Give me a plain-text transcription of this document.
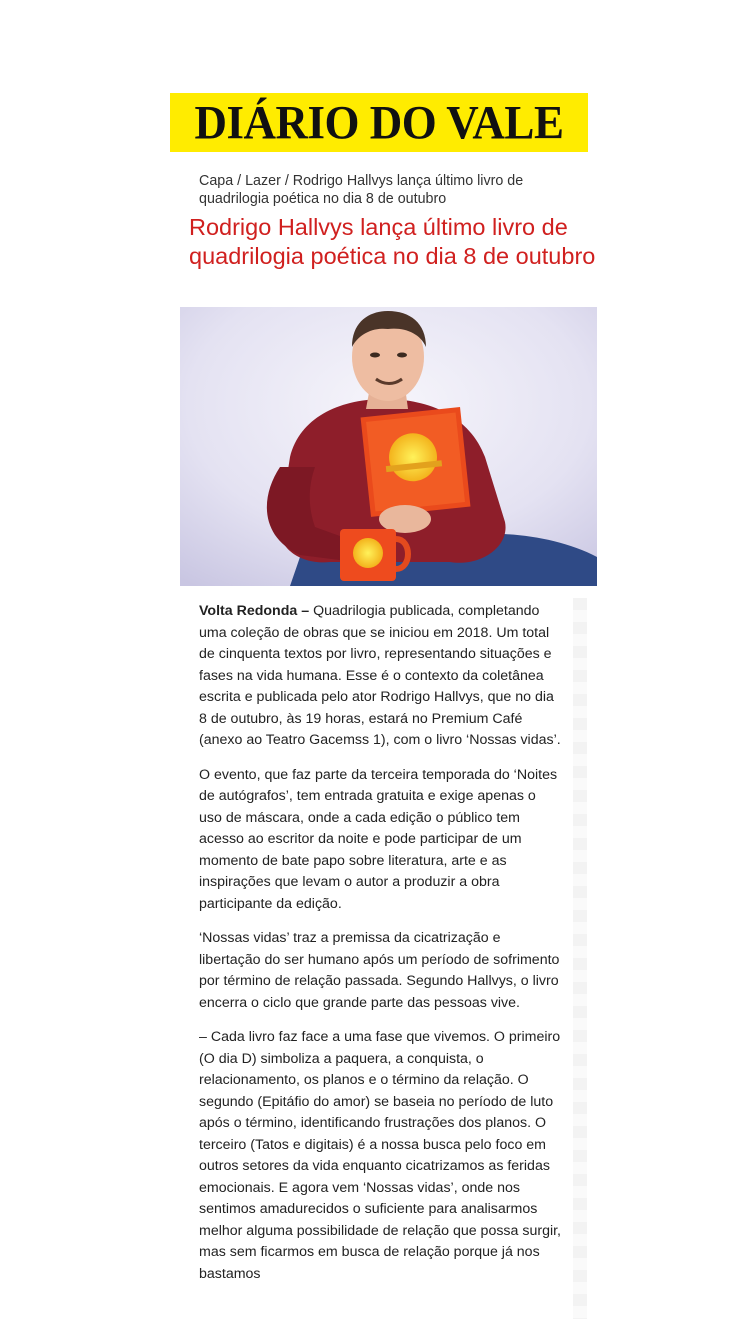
DIÁRIO DO VALE
Capa / Lazer / Rodrigo Hallvys lança último livro de quadrilogia poética no dia 8 de outubro
Rodrigo Hallvys lança último livro de quadrilogia poética no dia 8 de outubro

Volta Redonda – Quadrilogia publicada, completando uma coleção de obras que se iniciou em 2018. Um total de cinquenta textos por livro, representando situações e fases na vida humana. Esse é o contexto da coletânea escrita e publicada pelo ator Rodrigo Hallvys, que no dia 8 de outubro, às 19 horas, estará no Premium Café (anexo ao Teatro Gacemss 1), com o livro ‘Nossas vidas’.

O evento, que faz parte da terceira temporada do ‘Noites de autógrafos’, tem entrada gratuita e exige apenas o uso de máscara, onde a cada edição o público tem acesso ao escritor da noite e pode participar de um momento de bate papo sobre literatura, arte e as inspirações que levam o autor a produzir a obra participante da edição.

‘Nossas vidas’ traz a premissa da cicatrização e libertação do ser humano após um período de sofrimento por término de relação passada. Segundo Hallvys, o livro encerra o ciclo que grande parte das pessoas vive.

– Cada livro faz face a uma fase que vivemos. O primeiro (O dia D) simboliza a paquera, a conquista, o relacionamento, os planos e o término da relação. O segundo (Epitáfio do amor) se baseia no período de luto após o término, identificando frustrações dos planos. O terceiro (Tatos e digitais) é a nossa busca pelo foco em outros setores da vida enquanto cicatrizamos as feridas emocionais. E agora vem ‘Nossas vidas’, onde nos sentimos amadurecidos o suficiente para analisarmos melhor alguma possibilidade de relação que possa surgir, mas sem ficarmos em busca de relação porque já nos bastamos
